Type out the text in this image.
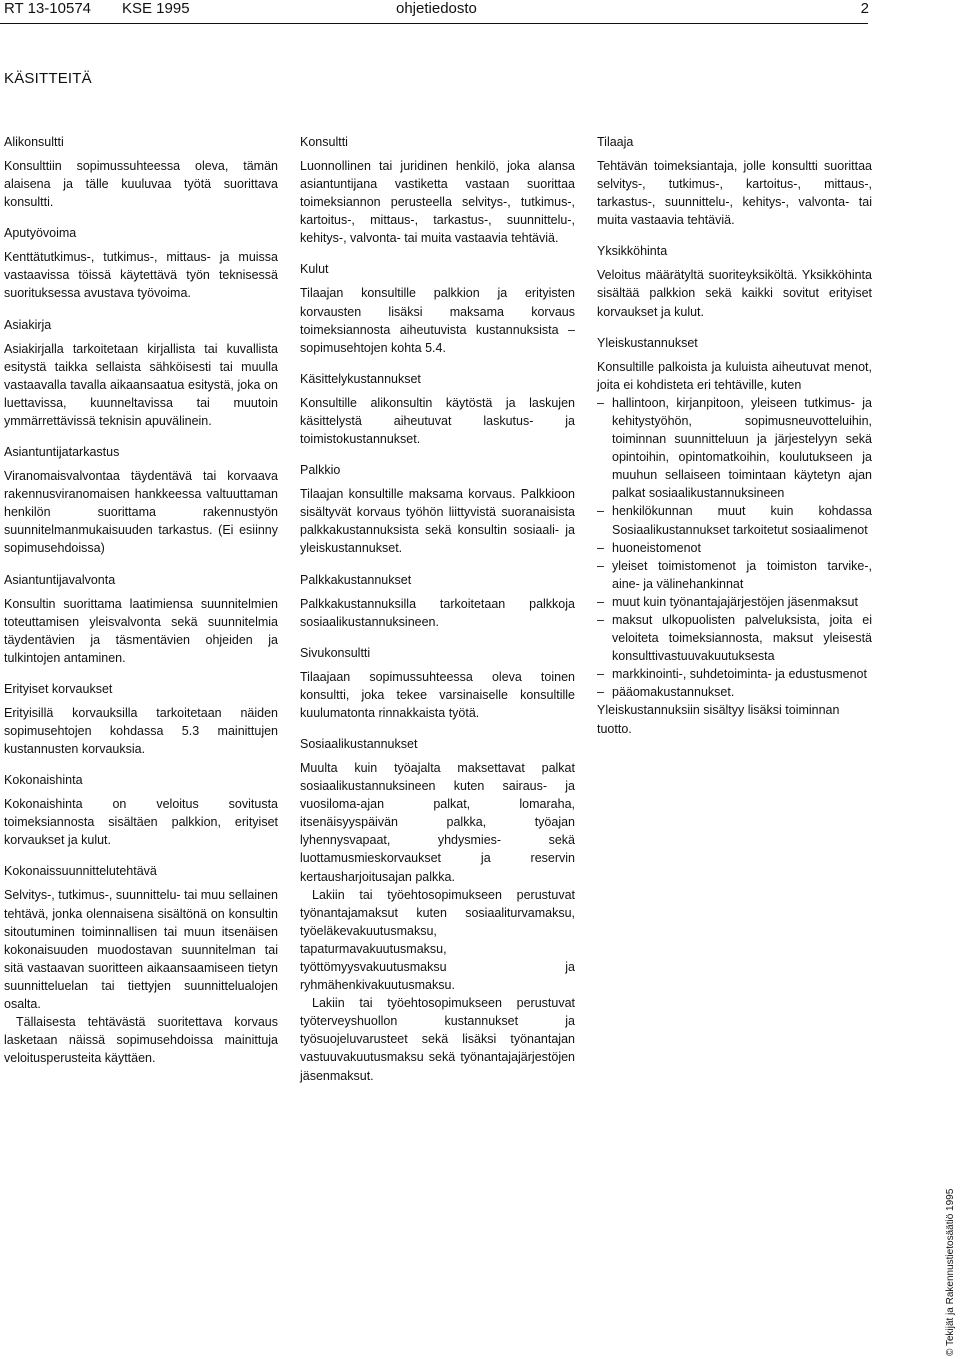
RT 13-10574 KSE 1995	ohjetiedosto	2
KÄSITTEITÄ

Alikonsultti

Konsulttiin sopimussuhteessa oleva, tämän alaisena ja tälle kuuluvaa työtä suorittava konsultti.

Aputyövoima

Kenttätutkimus-, tutkimus-, mittaus- ja muissa vastaavissa töissä käytettävä työn teknisessä suorituksessa avustava työvoima.

Asiakirja

Asiakirjalla tarkoitetaan kirjallista tai kuvallista esitystä taikka sellaista sähköisesti tai muulla vastaavalla tavalla aikaansaatua esitystä, joka on luettavissa, kuunneltavissa tai muutoin ymmärrettävissä teknisin apuvälinein.

Asiantuntijatarkastus

Viranomaisvalvontaa täydentävä tai korvaava rakennusviranomaisen hankkeessa valtuuttaman henkilön suorittama rakennustyön suunnitelmanmukaisuuden tarkastus. (Ei esiinny sopimusehdoissa)

Asiantuntijavalvonta

Konsultin suorittama laatimiensa suunnitelmien toteuttamisen yleisvalvonta sekä suunnitelmia täydentävien ja täsmentävien ohjeiden ja tulkintojen antaminen.

Erityiset korvaukset

Erityisillä korvauksilla tarkoitetaan näiden sopimusehtojen kohdassa 5.3 mainittujen kustannusten korvauksia.

Kokonaishinta

Kokonaishinta on veloitus sovitusta toimeksiannosta sisältäen palkkion, erityiset korvaukset ja kulut.

Kokonaissuunnittelutehtävä

Selvitys-, tutkimus-, suunnittelu- tai muu sellainen tehtävä, jonka olennaisena sisältönä on konsultin sitoutuminen toiminnallisen tai muun itsenäisen kokonaisuuden muodostavan suunnitelman tai sitä vastaavan suoritteen aikaansaamiseen tietyn suunnitteluelan tai tiettyjen suunnittelualojen osalta.

Tällaisesta tehtävästä suoritettava korvaus lasketaan näissä sopimusehdoissa mainittuja veloitusperusteita käyttäen.

Konsultti

Luonnollinen tai juridinen henkilö, joka alansa asiantuntijana vastiketta vastaan suorittaa toimeksiannon perusteella selvitys-, tutkimus-, kartoitus-, mittaus-, tarkastus-, suunnittelu-, kehitys-, valvonta- tai muita vastaavia tehtäviä.

Kulut

Tilaajan konsultille palkkion ja erityisten korvausten lisäksi maksama korvaus toimeksiannosta aiheutuvista kustannuksista – sopimusehtojen kohta 5.4.

Käsittelykustannukset

Konsultille alikonsultin käytöstä ja laskujen käsittelystä aiheutuvat laskutus- ja toimistokustannukset.

Palkkio

Tilaajan konsultille maksama korvaus. Palkkioon sisältyvät korvaus työhön liittyvistä suoranaisista palkkakustannuksista sekä konsultin sosiaali- ja yleiskustannukset.

Palkkakustannukset

Palkkakustannuksilla tarkoitetaan palkkoja sosiaalikustannuksineen.

Sivukonsultti

Tilaajaan sopimussuhteessa oleva toinen konsultti, joka tekee varsinaiselle konsultille kuulumatonta rinnakkaista työtä.

Sosiaalikustannukset

Muulta kuin työajalta maksettavat palkat sosiaalikustannuksineen kuten sairaus- ja vuosiloma-ajan palkat, lomaraha, itsenäisyyspäivän palkka, työajan lyhennysvapaat, yhdysmies- sekä luottamusmieskorvaukset ja reservin kertausharjoitusajan palkka.

Lakiin tai työehtosopimukseen perustuvat työnantajamaksut kuten sosiaaliturvamaksu, työeläkevakuutusmaksu, tapaturmavakuutusmaksu, työttömyysvakuutusmaksu ja ryhmähenkivakuutusmaksu.

Lakiin tai työehtosopimukseen perustuvat työterveyshuollon kustannukset ja työsuojeluvarusteet sekä lisäksi työnantajan vastuuvakuutusmaksu sekä työnantajajärjestöjen jäsenmaksut.

Tilaaja

Tehtävän toimeksiantaja, jolle konsultti suorittaa selvitys-, tutkimus-, kartoitus-, mittaus-, tarkastus-, suunnittelu-, kehitys-, valvonta- tai muita vastaavia tehtäviä.

Yksikköhinta

Veloitus määrätyltä suoriteyksiköltä. Yksikköhinta sisältää palkkion sekä kaikki sovitut erityiset korvaukset ja kulut.

Yleiskustannukset

Konsultille palkoista ja kuluista aiheutuvat menot, joita ei kohdisteta eri tehtäville, kuten

– hallintoon, kirjanpitoon, yleiseen tutkimus- ja kehitystyöhön, sopimusneuvotteluihin, toiminnan suunnitteluun ja järjestelyyn sekä opintoihin, opintomatkoihin, koulutukseen ja muuhun sellaiseen toimintaan käytetyn ajan palkat sosiaalikustannuksineen
– henkilökunnan muut kuin kohdassa Sosiaalikustannukset tarkoitetut sosiaalimenot
– huoneistomenot
– yleiset toimistomenot ja toimiston tarvike-, aine- ja välinehankinnat
– muut kuin työnantajajärjestöjen jäsenmaksut
– maksut ulkopuolisten palveluksista, joita ei veloiteta toimeksiannosta, maksut yleisestä konsulttivastuuvakuutuksesta
– markkinointi-, suhdetoiminta- ja edustusmenot
– pääomakustannukset.

Yleiskustannuksiin sisältyy lisäksi toiminnan tuotto.

© Tekijät ja Rakennustietosäätiö 1995
